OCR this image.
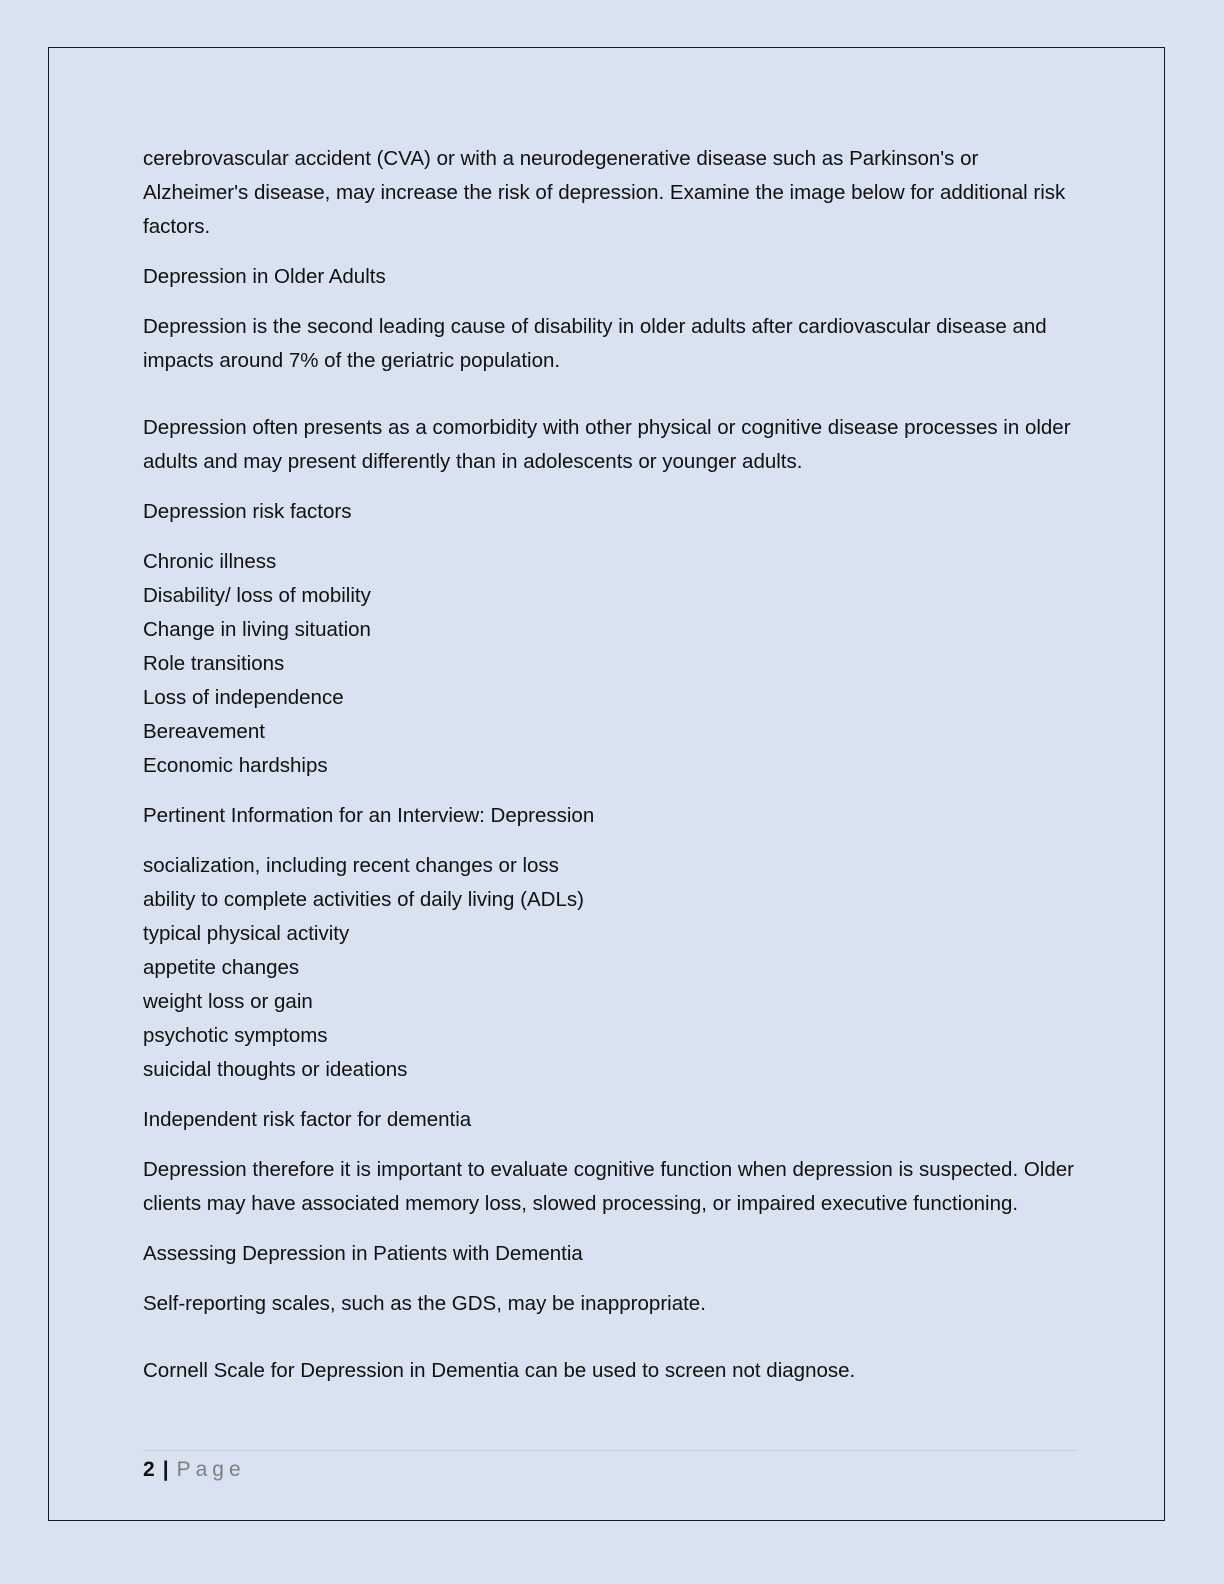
cerebrovascular accident (CVA) or with a neurodegenerative disease such as Parkinson's or Alzheimer's disease, may increase the risk of depression. Examine the image below for additional risk factors.

Depression in Older Adults

Depression is the second leading cause of disability in older adults after cardiovascular disease and impacts around 7% of the geriatric population.

Depression often presents as a comorbidity with other physical or cognitive disease processes in older adults and may present differently than in adolescents or younger adults.

Depression risk factors

Chronic illness

Disability/ loss of mobility

Change in living situation

Role transitions

Loss of independence

Bereavement

Economic hardships

Pertinent Information for an Interview: Depression

socialization, including recent changes or loss

ability to complete activities of daily living (ADLs)

typical physical activity

appetite changes

weight loss or gain

psychotic symptoms

suicidal thoughts or ideations

Independent risk factor for dementia

Depression therefore it is important to evaluate cognitive function when depression is suspected. Older clients may have associated memory loss, slowed processing, or impaired executive functioning.

Assessing Depression in Patients with Dementia

Self-reporting scales, such as the GDS, may be inappropriate.

Cornell Scale for Depression in Dementia can be used to screen not diagnose.

2 | Page
